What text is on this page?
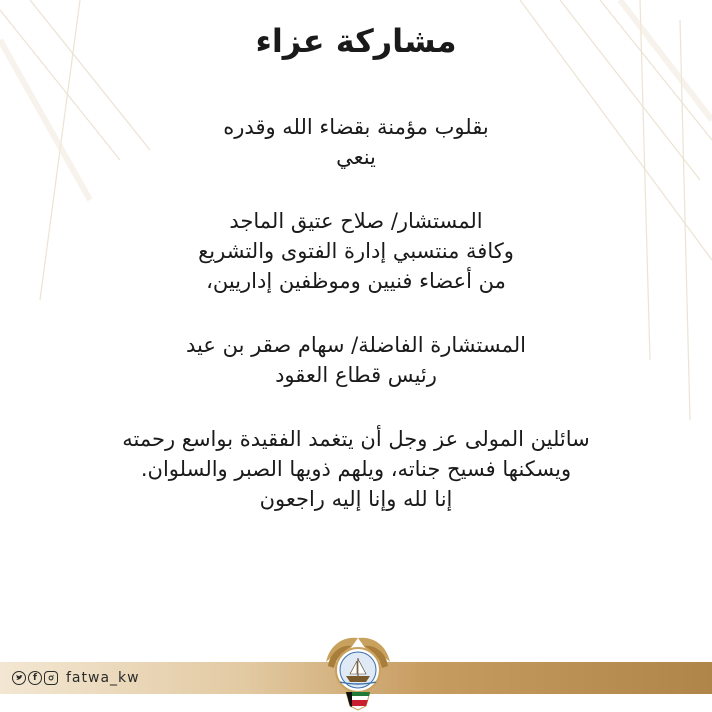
مشاركة عزاء

بقلوب مؤمنة بقضاء الله وقدره

ينعي

المستشار/ صلاح عتيق الماجد

وكافة منتسبي إدارة الفتوى والتشريع

من أعضاء فنيين وموظفين إداريين،

المستشارة الفاضلة/ سهام صقر بن عيد

رئيس قطاع العقود

سائلين المولى عز وجل أن يتغمد الفقيدة بواسع رحمته

ويسكنها فسيح جناته، ويلهم ذويها الصبر والسلوان.

إنا لله وإنا إليه راجعون

f	fatwa_kw
